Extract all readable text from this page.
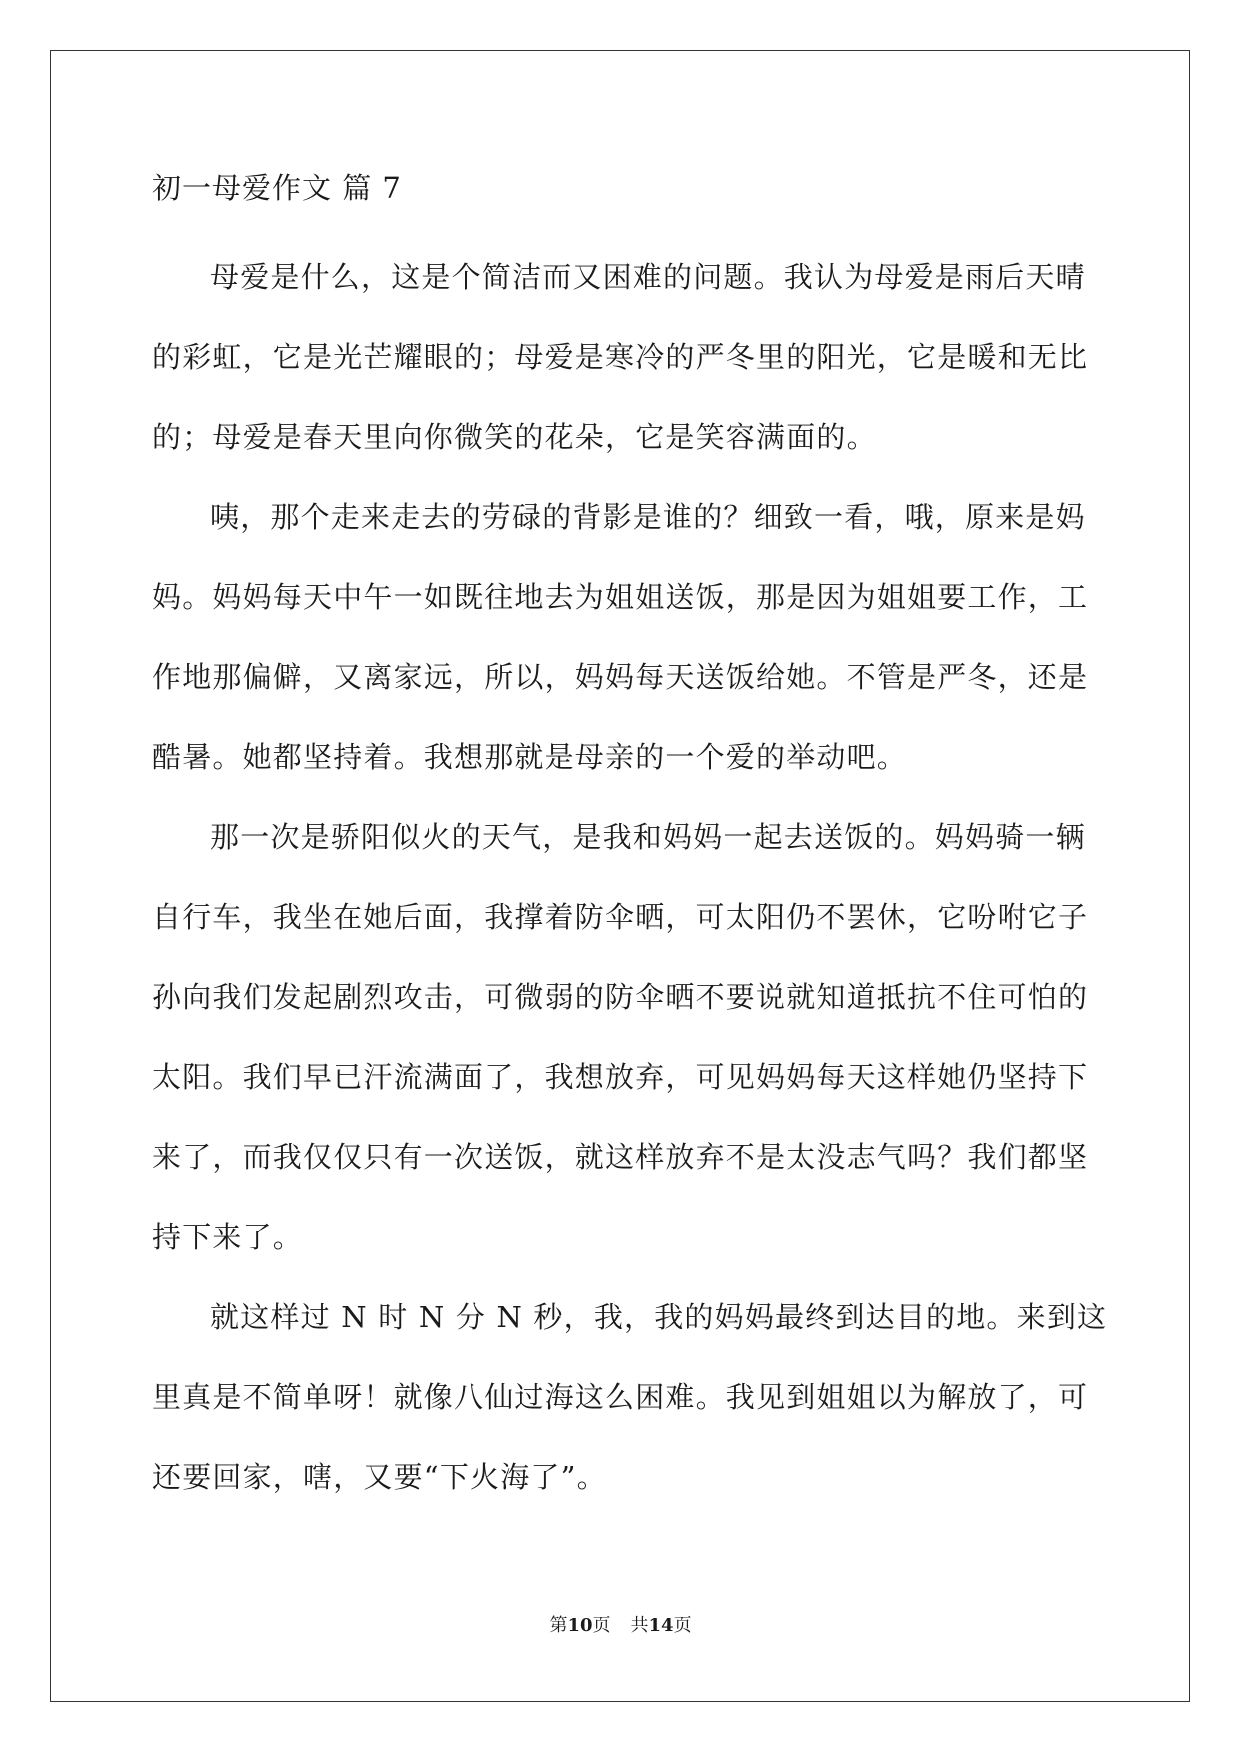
初一母爱作文 篇 7

母爱是什么，这是个简洁而又困难的问题。我认为母爱是雨后天晴的彩虹，它是光芒耀眼的；母爱是寒冷的严冬里的阳光，它是暖和无比的；母爱是春天里向你微笑的花朵，它是笑容满面的。

咦，那个走来走去的劳碌的背影是谁的？细致一看，哦，原来是妈妈。妈妈每天中午一如既往地去为姐姐送饭，那是因为姐姐要工作，工作地那偏僻，又离家远，所以，妈妈每天送饭给她。不管是严冬，还是酷暑。她都坚持着。我想那就是母亲的一个爱的举动吧。

那一次是骄阳似火的天气，是我和妈妈一起去送饭的。妈妈骑一辆自行车，我坐在她后面，我撑着防伞晒，可太阳仍不罢休，它吩咐它子孙向我们发起剧烈攻击，可微弱的防伞晒不要说就知道抵抗不住可怕的太阳。我们早已汗流满面了，我想放弃，可见妈妈每天这样她仍坚持下来了，而我仅仅只有一次送饭，就这样放弃不是太没志气吗？我们都坚持下来了。

就这样过 N 时 N 分 N 秒，我，我的妈妈最终到达目的地。来到这里真是不简单呀！就像八仙过海这么困难。我见到姐姐以为解放了，可还要回家，嗐，又要“下火海了”。

第10页 共14页
